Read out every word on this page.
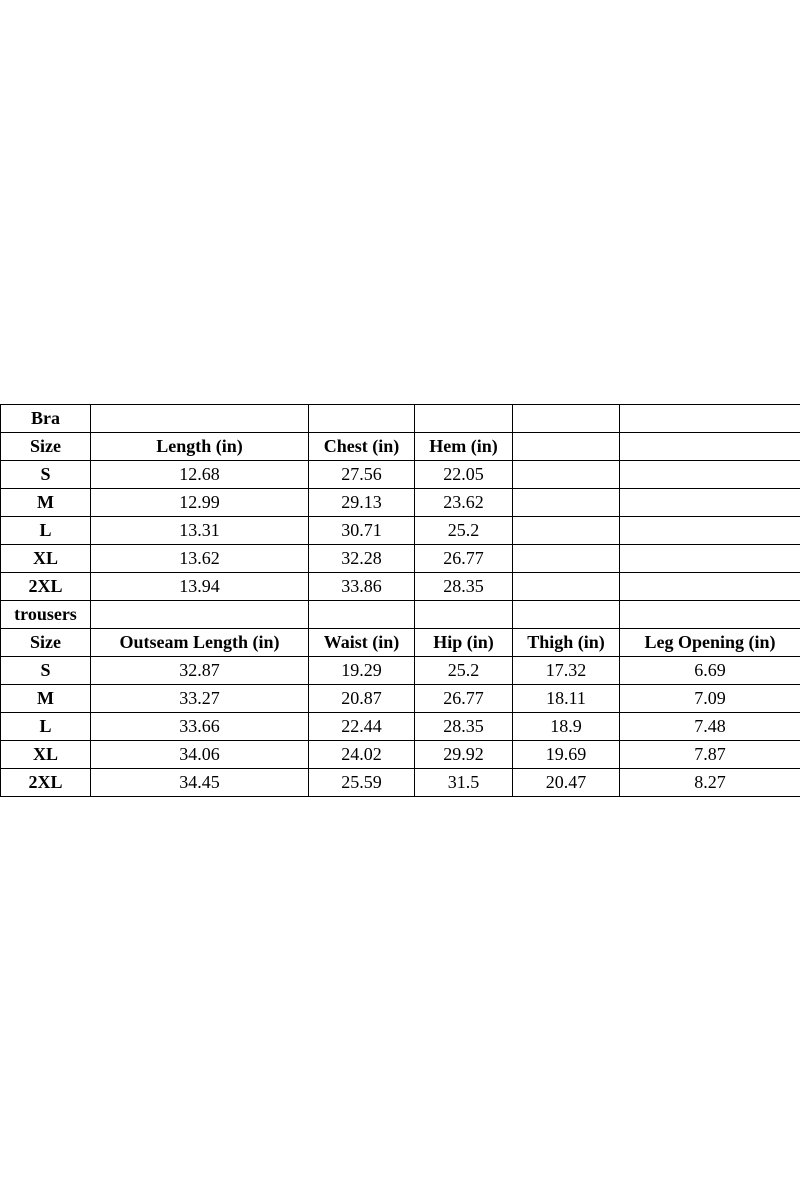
Bra					
Size	Length (in)	Chest (in)	Hem (in)		
S	12.68	27.56	22.05		
M	12.99	29.13	23.62		
L	13.31	30.71	25.2		
XL	13.62	32.28	26.77		
2XL	13.94	33.86	28.35		
trousers					
Size	Outseam Length (in)	Waist (in)	Hip (in)	Thigh (in)	Leg Opening (in)
S	32.87	19.29	25.2	17.32	6.69
M	33.27	20.87	26.77	18.11	7.09
L	33.66	22.44	28.35	18.9	7.48
XL	34.06	24.02	29.92	19.69	7.87
2XL	34.45	25.59	31.5	20.47	8.27
